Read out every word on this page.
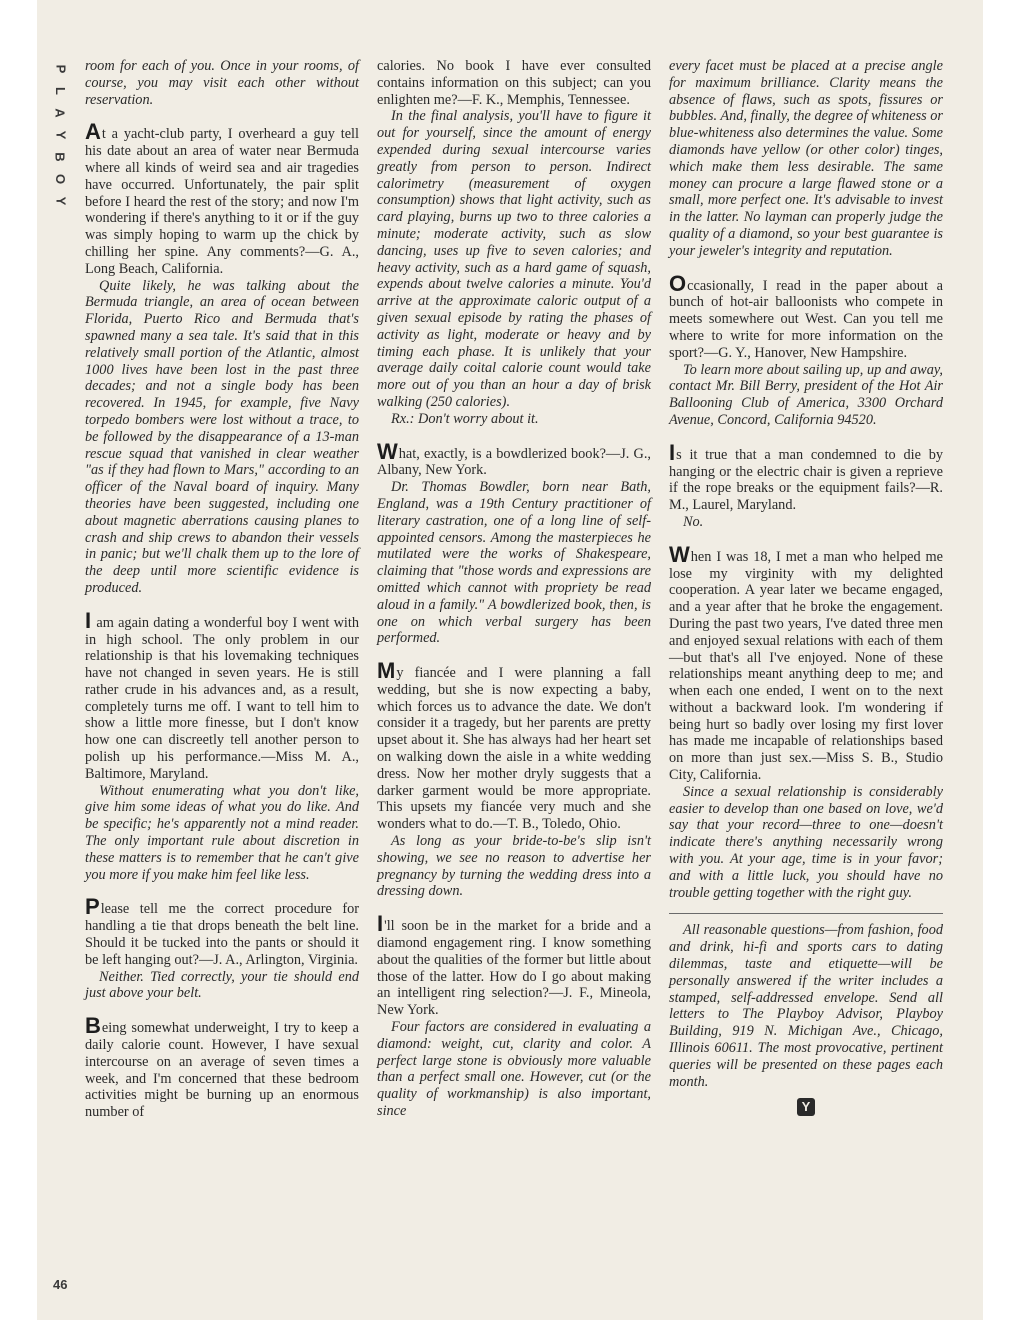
P
L
A
Y
B
O
Y
46

room for each of you. Once in your rooms, of course, you may visit each other without reservation.

At a yacht-club party, I overheard a guy tell his date about an area of water near Bermuda where all kinds of weird sea and air tragedies have occurred. Unfortunately, the pair split before I heard the rest of the story; and now I'm wondering if there's anything to it or if the guy was simply hoping to warm up the chick by chilling her spine. Any comments?—G. A., Long Beach, California.

Quite likely, he was talking about the Bermuda triangle, an area of ocean between Florida, Puerto Rico and Bermuda that's spawned many a sea tale. It's said that in this relatively small portion of the Atlantic, almost 1000 lives have been lost in the past three decades; and not a single body has been recovered. In 1945, for example, five Navy torpedo bombers were lost without a trace, to be followed by the disappearance of a 13-man rescue squad that vanished in clear weather "as if they had flown to Mars," according to an officer of the Naval board of inquiry. Many theories have been suggested, including one about magnetic aberrations causing planes to crash and ship crews to abandon their vessels in panic; but we'll chalk them up to the lore of the deep until more scientific evidence is produced.

I am again dating a wonderful boy I went with in high school. The only problem in our relationship is that his lovemaking techniques have not changed in seven years. He is still rather crude in his advances and, as a result, completely turns me off. I want to tell him to show a little more finesse, but I don't know how one can discreetly tell another person to polish up his performance.—Miss M. A., Baltimore, Maryland.

Without enumerating what you don't like, give him some ideas of what you do like. And be specific; he's apparently not a mind reader. The only important rule about discretion in these matters is to remember that he can't give you more if you make him feel like less.

Please tell me the correct procedure for handling a tie that drops beneath the belt line. Should it be tucked into the pants or should it be left hanging out?—J. A., Arlington, Virginia.

Neither. Tied correctly, your tie should end just above your belt.

Being somewhat underweight, I try to keep a daily calorie count. However, I have sexual intercourse on an average of seven times a week, and I'm concerned that these bedroom activities might be burning up an enormous number of

calories. No book I have ever consulted contains information on this subject; can you enlighten me?—F. K., Memphis, Tennessee.

In the final analysis, you'll have to figure it out for yourself, since the amount of energy expended during sexual intercourse varies greatly from person to person. Indirect calorimetry (measurement of oxygen consumption) shows that light activity, such as card playing, burns up two to three calories a minute; moderate activity, such as slow dancing, uses up five to seven calories; and heavy activity, such as a hard game of squash, expends about twelve calories a minute. You'd arrive at the approximate caloric output of a given sexual episode by rating the phases of activity as light, moderate or heavy and by timing each phase. It is unlikely that your average daily coital calorie count would take more out of you than an hour a day of brisk walking (250 calories).

Rx.: Don't worry about it.

What, exactly, is a bowdlerized book?—J. G., Albany, New York.

Dr. Thomas Bowdler, born near Bath, England, was a 19th Century practitioner of literary castration, one of a long line of self-appointed censors. Among the masterpieces he mutilated were the works of Shakespeare, claiming that "those words and expressions are omitted which cannot with propriety be read aloud in a family." A bowdlerized book, then, is one on which verbal surgery has been performed.

My fiancée and I were planning a fall wedding, but she is now expecting a baby, which forces us to advance the date. We don't consider it a tragedy, but her parents are pretty upset about it. She has always had her heart set on walking down the aisle in a white wedding dress. Now her mother dryly suggests that a darker garment would be more appropriate. This upsets my fiancée very much and she wonders what to do.—T. B., Toledo, Ohio.

As long as your bride-to-be's slip isn't showing, we see no reason to advertise her pregnancy by turning the wedding dress into a dressing down.

I'll soon be in the market for a bride and a diamond engagement ring. I know something about the qualities of the former but little about those of the latter. How do I go about making an intelligent ring selection?—J. F., Mineola, New York.

Four factors are considered in evaluating a diamond: weight, cut, clarity and color. A perfect large stone is obviously more valuable than a perfect small one. However, cut (or the quality of workmanship) is also important, since

every facet must be placed at a precise angle for maximum brilliance. Clarity means the absence of flaws, such as spots, fissures or bubbles. And, finally, the degree of whiteness or blue-whiteness also determines the value. Some diamonds have yellow (or other color) tinges, which make them less desirable. The same money can procure a large flawed stone or a small, more perfect one. It's advisable to invest in the latter. No layman can properly judge the quality of a diamond, so your best guarantee is your jeweler's integrity and reputation.

Occasionally, I read in the paper about a bunch of hot-air balloonists who compete in meets somewhere out West. Can you tell me where to write for more information on the sport?—G. Y., Hanover, New Hampshire.

To learn more about sailing up, up and away, contact Mr. Bill Berry, president of the Hot Air Ballooning Club of America, 3300 Orchard Avenue, Concord, California 94520.

Is it true that a man condemned to die by hanging or the electric chair is given a reprieve if the rope breaks or the equipment fails?—R. M., Laurel, Maryland.

No.

When I was 18, I met a man who helped me lose my virginity with my delighted cooperation. A year later we became engaged, and a year after that he broke the engagement. During the past two years, I've dated three men and enjoyed sexual relations with each of them—but that's all I've enjoyed. None of these relationships meant anything deep to me; and when each one ended, I went on to the next without a backward look. I'm wondering if being hurt so badly over losing my first lover has made me incapable of relationships based on more than just sex.—Miss S. B., Studio City, California.

Since a sexual relationship is considerably easier to develop than one based on love, we'd say that your record—three to one—doesn't indicate there's anything necessarily wrong with you. At your age, time is in your favor; and with a little luck, you should have no trouble getting together with the right guy.

All reasonable questions—from fashion, food and drink, hi-fi and sports cars to dating dilemmas, taste and etiquette—will be personally answered if the writer includes a stamped, self-addressed envelope. Send all letters to The Playboy Advisor, Playboy Building, 919 N. Michigan Ave., Chicago, Illinois 60611. The most provocative, pertinent queries will be presented on these pages each month.

Y
